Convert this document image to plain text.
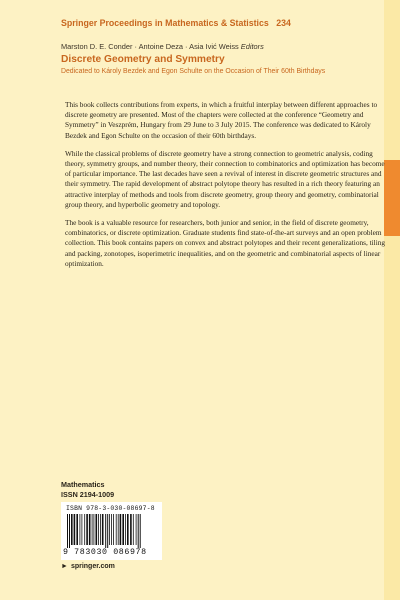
Springer Proceedings in Mathematics & Statistics 234
Marston D. E. Conder · Antoine Deza · Asia Ivić Weiss Editors
Discrete Geometry and Symmetry
Dedicated to Károly Bezdek and Egon Schulte on the Occasion of Their 60th Birthdays

This book collects contributions from experts, in which a fruitful interplay between different approaches to discrete geometry are presented. Most of the chapters were collected at the conference “Geometry and Symmetry” in Veszprém, Hungary from 29 June to 3 July 2015. The conference was dedicated to Károly Bezdek and Egon Schulte on the occasion of their 60th birthdays.

While the classical problems of discrete geometry have a strong connection to geometric analysis, coding theory, symmetry groups, and number theory, their connection to combinatorics and optimization has become of particular importance. The last decades have seen a revival of interest in discrete geometric structures and their symmetry. The rapid development of abstract polytope theory has resulted in a rich theory featuring an attractive interplay of methods and tools from discrete geometry, group theory and geometry, combinatorial group theory, and hyperbolic geometry and topology.

The book is a valuable resource for researchers, both junior and senior, in the field of discrete geometry, combinatorics, or discrete optimization. Graduate students find state-of-the-art surveys and an open problem collection. This book contains papers on convex and abstract polytopes and their recent generalizations, tiling and packing, zonotopes, isoperimetric inequalities, and on the geometric and combinatorial aspects of linear optimization.

Mathematics
ISSN 2194-1009
ISBN 978-3-030-08697-8
9 783030 086978
► springer.com
